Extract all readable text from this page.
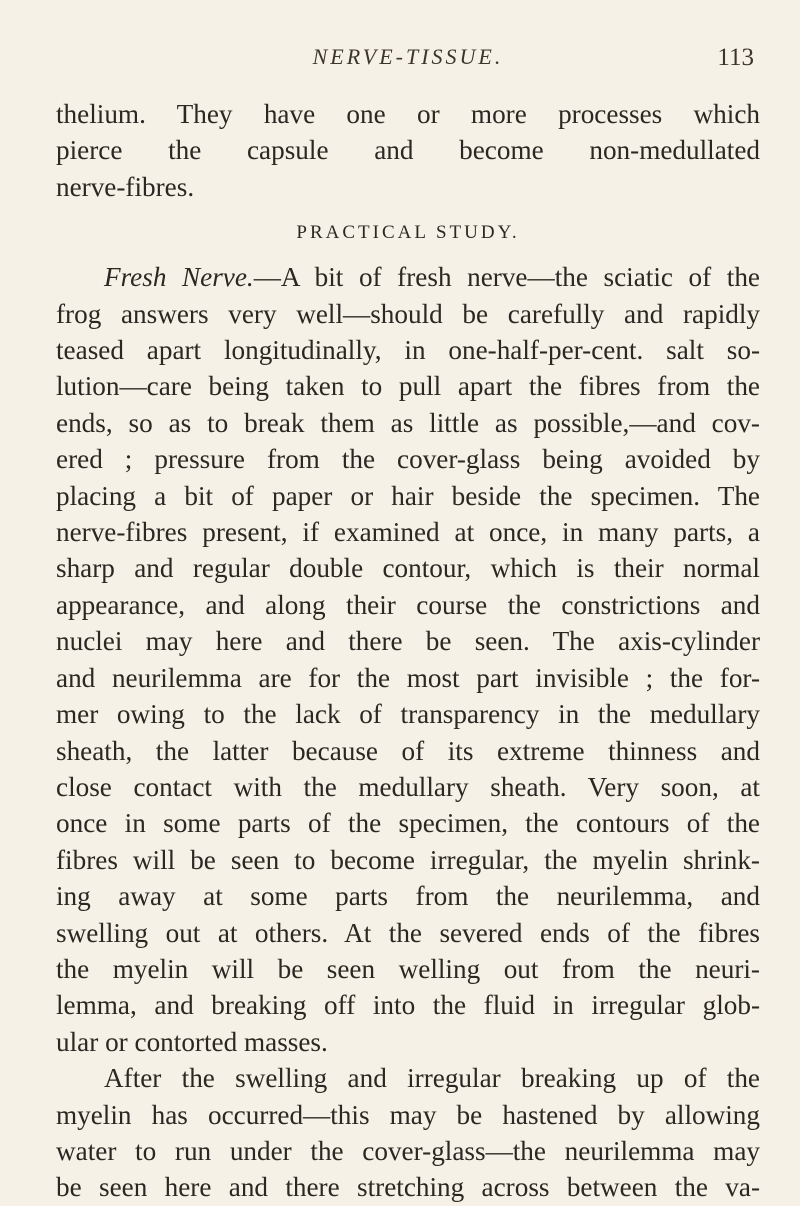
NERVE-TISSUE.	113
thelium. They have one or more processes which
pierce the capsule and become non-medullated
nerve-fibres.
PRACTICAL STUDY.
Fresh Nerve.—A bit of fresh nerve—the sciatic of the
frog answers very well—should be carefully and rapidly
teased apart longitudinally, in one-half-per-cent. salt so-
lution—care being taken to pull apart the fibres from the
ends, so as to break them as little as possible,—and cov-
ered ; pressure from the cover-glass being avoided by
placing a bit of paper or hair beside the specimen. The
nerve-fibres present, if examined at once, in many parts, a
sharp and regular double contour, which is their normal
appearance, and along their course the constrictions and
nuclei may here and there be seen. The axis-cylinder
and neurilemma are for the most part invisible ; the for-
mer owing to the lack of transparency in the medullary
sheath, the latter because of its extreme thinness and
close contact with the medullary sheath. Very soon, at
once in some parts of the specimen, the contours of the
fibres will be seen to become irregular, the myelin shrink-
ing away at some parts from the neurilemma, and
swelling out at others. At the severed ends of the fibres
the myelin will be seen welling out from the neuri-
lemma, and breaking off into the fluid in irregular glob-
ular or contorted masses.
After the swelling and irregular breaking up of the
myelin has occurred—this may be hastened by allowing
water to run under the cover-glass—the neurilemma may
be seen here and there stretching across between the va-
